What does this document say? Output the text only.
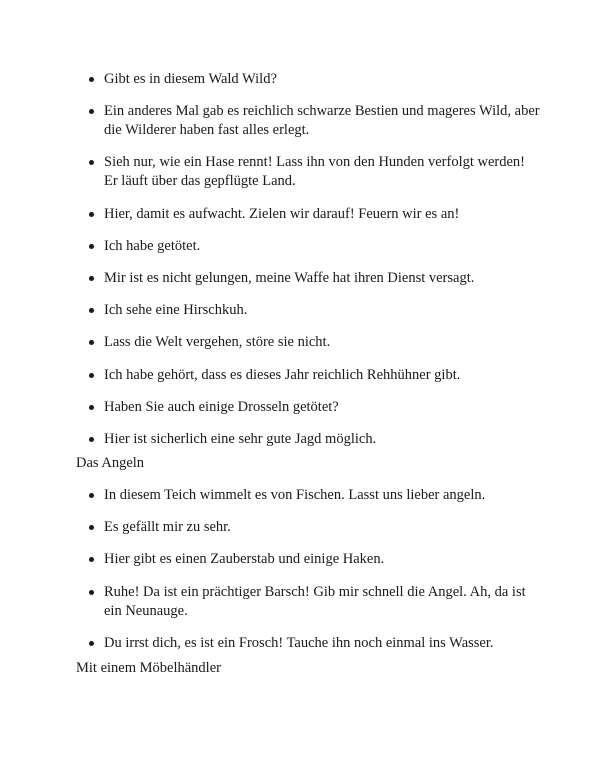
Gibt es in diesem Wald Wild?
Ein anderes Mal gab es reichlich schwarze Bestien und mageres Wild, aber die Wilderer haben fast alles erlegt.
Sieh nur, wie ein Hase rennt! Lass ihn von den Hunden verfolgt werden! Er läuft über das gepflügte Land.
Hier, damit es aufwacht. Zielen wir darauf! Feuern wir es an!
Ich habe getötet.
Mir ist es nicht gelungen, meine Waffe hat ihren Dienst versagt.
Ich sehe eine Hirschkuh.
Lass die Welt vergehen, störe sie nicht.
Ich habe gehört, dass es dieses Jahr reichlich Rehhühner gibt.
Haben Sie auch einige Drosseln getötet?
Hier ist sicherlich eine sehr gute Jagd möglich.
Das Angeln
In diesem Teich wimmelt es von Fischen. Lasst uns lieber angeln.
Es gefällt mir zu sehr.
Hier gibt es einen Zauberstab und einige Haken.
Ruhe! Da ist ein prächtiger Barsch! Gib mir schnell die Angel. Ah, da ist ein Neunauge.
Du irrst dich, es ist ein Frosch! Tauche ihn noch einmal ins Wasser.
Mit einem Möbelhändler
